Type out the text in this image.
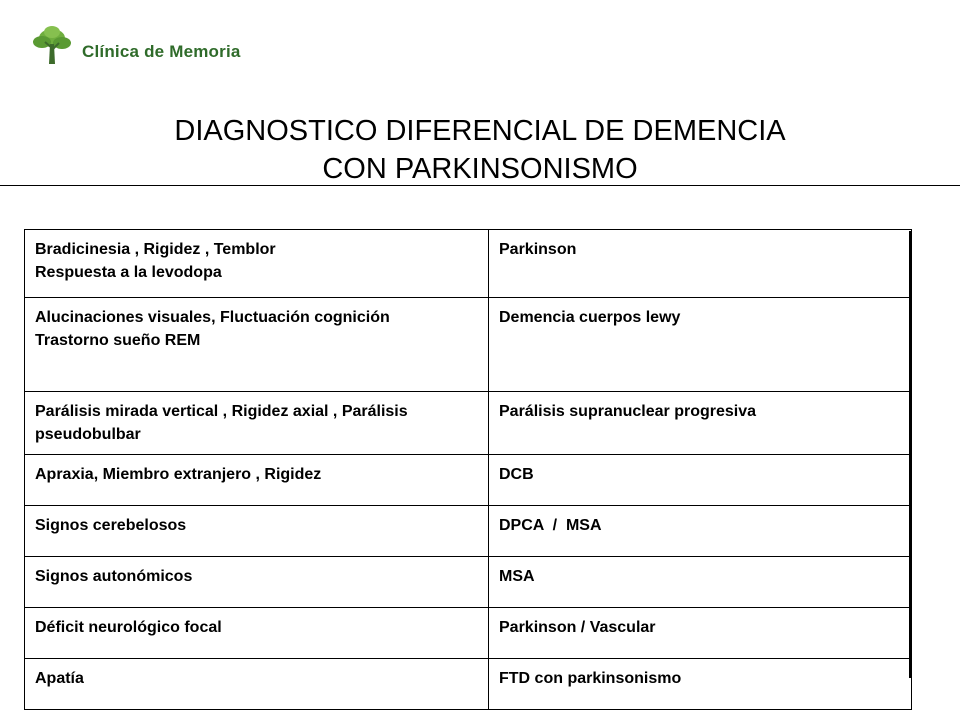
Clínica de Memoria
DIAGNOSTICO DIFERENCIAL DE DEMENCIA
CON PARKINSONISMO
Bradicinesia , Rigidez , Temblor
Respuesta a la levodopa	Parkinson

Alucinaciones visuales, Fluctuación cognición
Trastorno sueño REM	Demencia cuerpos lewy

Parálisis mirada vertical , Rigidez axial , Parálisis pseudobulbar	Parálisis supranuclear progresiva
Apraxia, Miembro extranjero , Rigidez	DCB
Signos cerebelosos	DPCA  /  MSA
Signos autonómicos	MSA
Déficit neurológico focal	Parkinson / Vascular
Apatía	FTD con parkinsonismo
